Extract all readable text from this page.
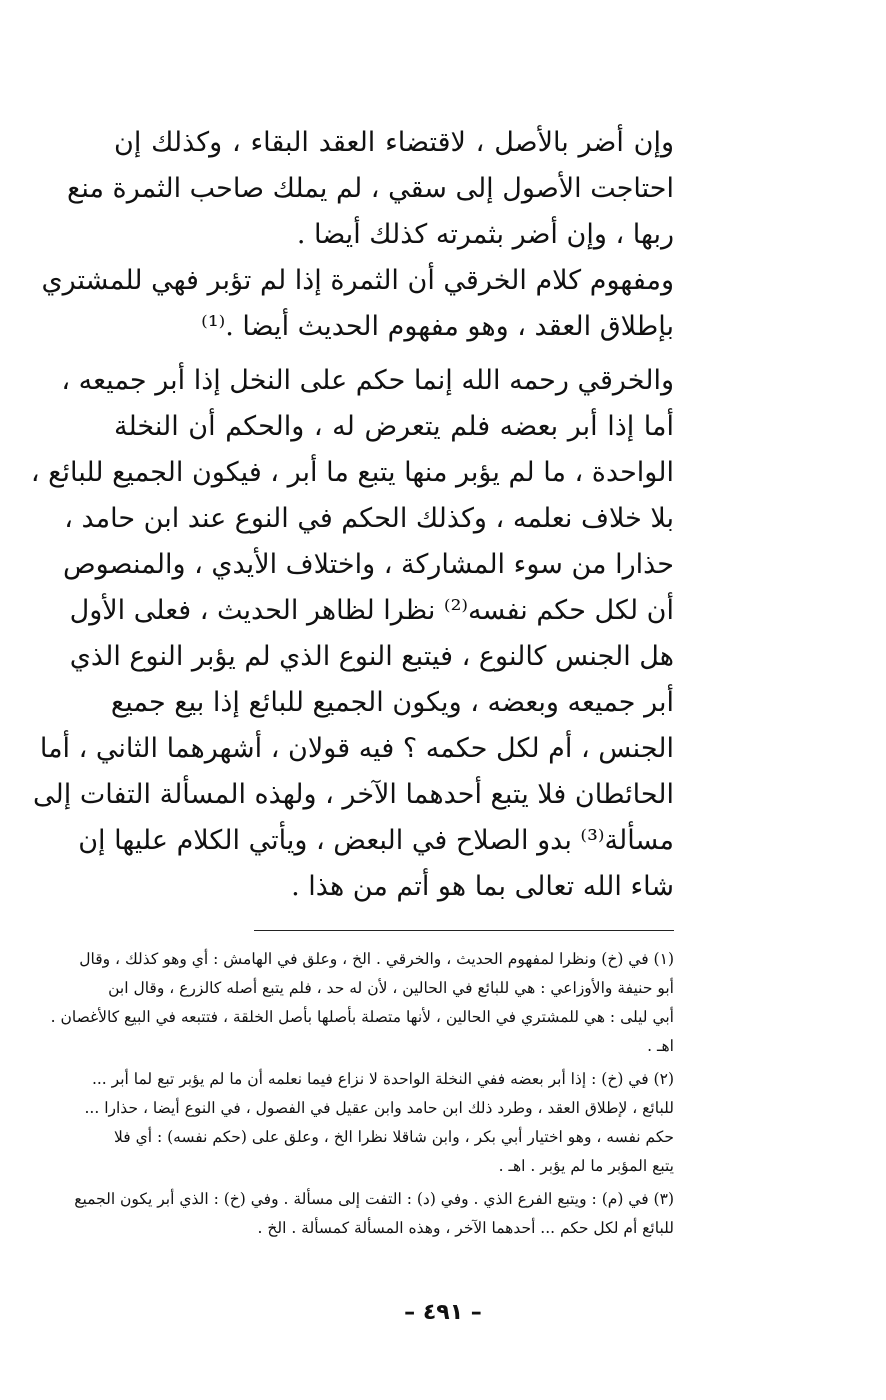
وإن أضر بالأصل ، لاقتضاء العقد البقاء ، وكذلك إن
احتاجت الأصول إلى سقي ، لم يملك صاحب الثمرة منع
ربها ، وإن أضر بثمرته كذلك أيضا .
ومفهوم كلام الخرقي أن الثمرة إذا لم تؤبر فهي للمشتري
بإطلاق العقد ، وهو مفهوم الحديث أيضا .⁽¹⁾
والخرقي رحمه الله إنما حكم على النخل إذا أبر جميعه ،
أما إذا أبر بعضه فلم يتعرض له ، والحكم أن النخلة
الواحدة ، ما لم يؤبر منها يتبع ما أبر ، فيكون الجميع للبائع ،
بلا خلاف نعلمه ، وكذلك الحكم في النوع عند ابن حامد ،
حذارا من سوء المشاركة ، واختلاف الأيدي ، والمنصوص
أن لكل حكم نفسه⁽²⁾ نظرا لظاهر الحديث ، فعلى الأول
هل الجنس كالنوع ، فيتبع النوع الذي لم يؤبر النوع الذي
أبر جميعه وبعضه ، ويكون الجميع للبائع إذا بيع جميع
الجنس ، أم لكل حكمه ؟ فيه قولان ، أشهرهما الثاني ، أما
الحائطان فلا يتبع أحدهما الآخر ، ولهذه المسألة التفات إلى
مسألة⁽³⁾ بدو الصلاح في البعض ، ويأتي الكلام عليها إن
شاء الله تعالى بما هو أتم من هذا .
(١) في (خ) ونظرا لمفهوم الحديث ، والخرقي . الخ ، وعلق في الهامش : أي وهو كذلك ، وقال
أبو حنيفة والأوزاعي : هي للبائع في الحالين ، لأن له حد ، فلم يتبع أصله كالزرع ، وقال ابن
أبي ليلى : هي للمشتري في الحالين ، لأنها متصلة بأصلها بأصل الخلقة ، فتتبعه في البيع كالأغصان .
اهـ .
(٢) في (خ) : إذا أبر بعضه ففي النخلة الواحدة لا نزاع فيما نعلمه أن ما لم يؤبر تبع لما أبر ...
للبائع ، لإطلاق العقد ، وطرد ذلك ابن حامد وابن عقيل في الفصول ، في النوع أيضا ، حذارا ...
حكم نفسه ، وهو اختيار أبي بكر ، وابن شاقلا نظرا الخ ، وعلق على (حكم نفسه) : أي فلا
يتبع المؤبر ما لم يؤبر . اهـ .
(٣) في (م) : ويتبع الفرع الذي . وفي (د) : التفت إلى مسألة . وفي (خ) : الذي أبر يكون الجميع
للبائع أم لكل حكم ... أحدهما الآخر ، وهذه المسألة كمسألة . الخ .
– ٤٩١ –
